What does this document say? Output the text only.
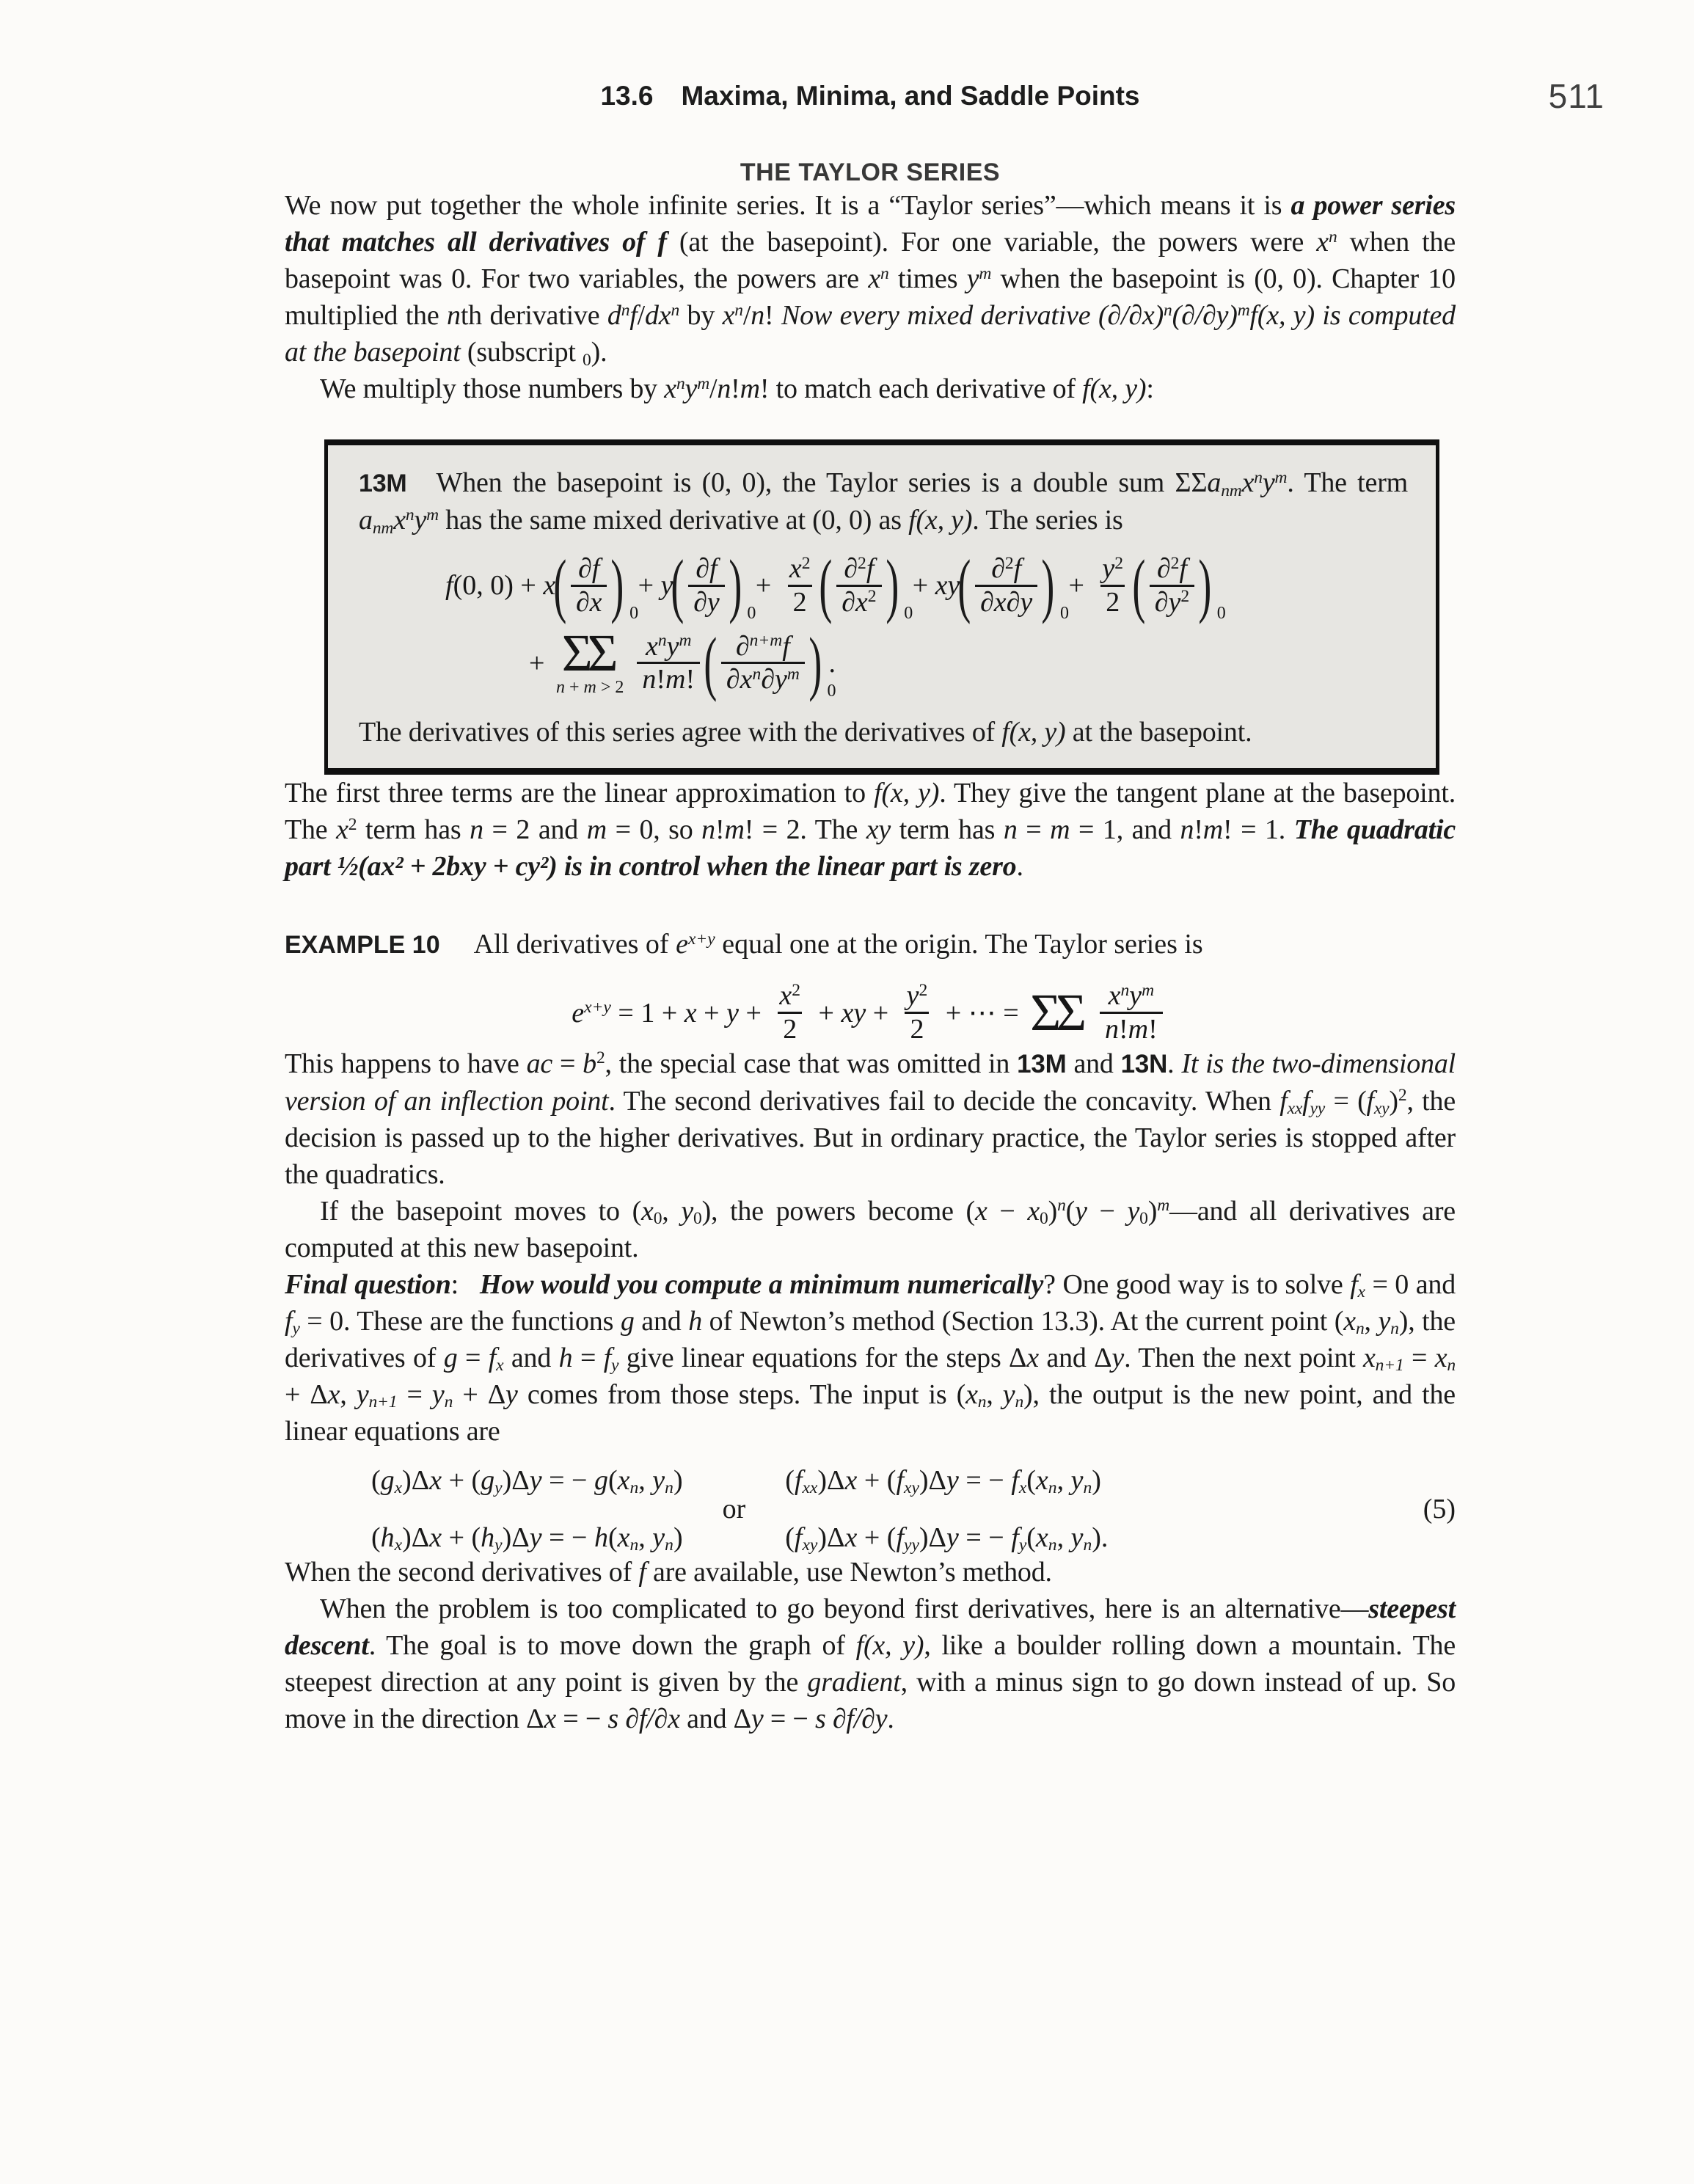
511
13.6 Maxima, Minima, and Saddle Points
THE TAYLOR SERIES

We now put together the whole infinite series. It is a “Taylor series”—which means it is a power series that matches all derivatives of f (at the basepoint). For one variable, the powers were $x^n$ when the basepoint was 0. For two variables, the powers are $x^n$ times $y^m$ when the basepoint is (0, 0). Chapter 10 multiplied the nth derivative $d^nf/dx^n$ by $x^n/n$! Now every mixed derivative $(\partial/\partial x)^n(\partial/\partial y)^mf(x$, y) is computed at the basepoint (subscript 0).

We multiply those numbers by $x^ny^m/n!m$! to match each derivative of f(x, y):

13M When the basepoint is (0, 0), the Taylor series is a double sum $\Sigma\Sigma anmx^ny^m$. The term $anmx^ny^m$ has the same mixed derivative at (0, 0) as f(x, y). The series is

f(0, 0) + x
( $\frac{\partial f}{\partial x}$ ) 0
+ y
( $\frac{\partial f}{\partial y}$ ) 0
+ $\frac{x^2}{2}$ ( $\frac{\partial^2f}{\partial x^2}$ ) 0
+ xy
( $\frac{\partial^2f}{\partial x\partial y}$ ) 0
+ $\frac{y^2}{2}$ ( $\frac{\partial^2f}{\partial y^2}$ ) 0
+ ΣΣ
$n + m > 2 \frac{x^ny^m}{n!m!}$ ( $\frac{\partial^{n+m}f}{\partial x^n\partial y^m}$ ) 0
.

The derivatives of this series agree with the derivatives of f(x, y) at the basepoint.

The first three terms are the linear approximation to f(x, y). They give the tangent plane at the basepoint. The $x^2$ term has n = 2 and m = 0, so n!m! = 2. The xy term has n = m = 1, and n!m! = 1. The quadratic part ½(ax² + 2bxy + cy²) is in control when the linear part is zero.

EXAMPLE 10 All derivatives of $e^{x+y}$ equal one at the origin. The Taylor series is
$e^{x+y} = 1 + x + y + \frac{x^2}{2}$ + xy + $\frac{y^2}{2}$ + ⋯ = ΣΣ $\frac{x^ny^m}{n!m!}$

This happens to have ac = $b^2$, the special case that was omitted in 13M and 13N. It is the two-dimensional version of an inflection point. The second derivatives fail to decide the concavity. When fxxfyy = (fxy)$^2$, the decision is passed up to the higher derivatives. But in ordinary practice, the Taylor series is stopped after the quadratics.

If the basepoint moves to (x0, y0), the powers become $(x - x0)^n(y$ − $y0)^m—and$ all derivatives are computed at this new basepoint.

Final question:   How would you compute a minimum numerically? One good way is to solve fx = 0 and fy = 0. These are the functions g and h of Newton’s method (Section 13.3). At the current point (xn, yn), the derivatives of g = fx and h = fy give linear equations for the steps Δx and Δy. Then the next point xn+1 = xn + Δx, yn+1 = yn + Δy comes from those steps. The input is (xn, yn), the output is the new point, and the linear equations are

(gx)Δx + (gy)Δy = − g(xn, yn)
(hx)Δx + (hy)Δy = − h(xn, yn)
or
(fxx)Δx + (fxy)Δy = − fx(xn, yn)
(fxy)Δx + (fyy)Δy = − fy(xn, yn).
(5)

When the second derivatives of f are available, use Newton’s method.

When the problem is too complicated to go beyond first derivatives, here is an alternative—steepest descent. The goal is to move down the graph of f(x, y), like a boulder rolling down a mountain. The steepest direction at any point is given by the gradient, with a minus sign to go down instead of up. So move in the direction Δx = − s ∂f/∂x and Δy = − s ∂f/∂y.
